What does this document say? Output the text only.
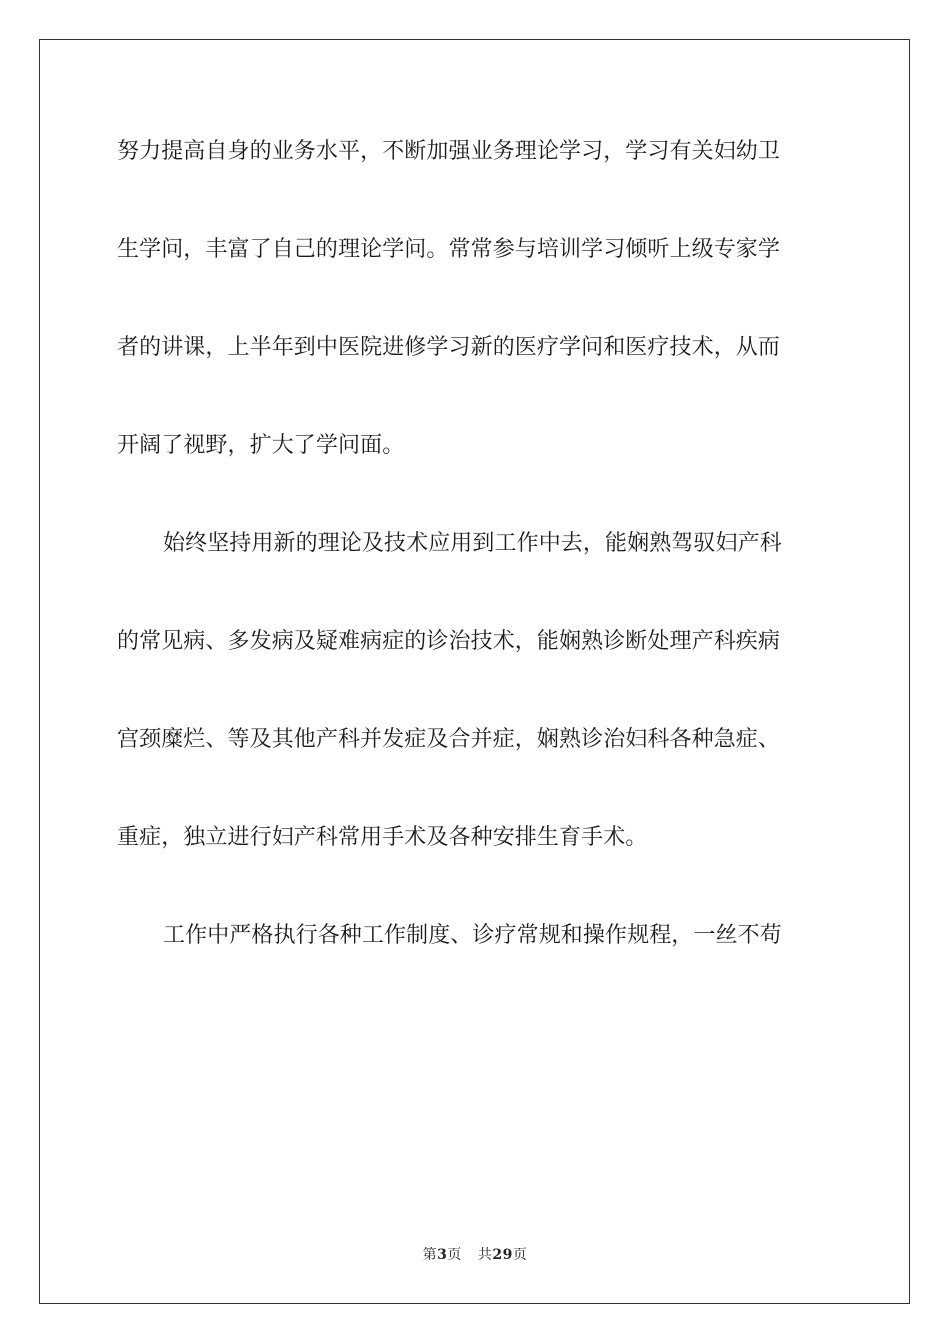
努力提高自身的业务水平，不断加强业务理论学习，学习有关妇幼卫
生学问，丰富了自己的理论学问。常常参与培训学习倾听上级专家学
者的讲课，上半年到中医院进修学习新的医疗学问和医疗技术，从而
开阔了视野，扩大了学问面。
始终坚持用新的理论及技术应用到工作中去，能娴熟驾驭妇产科
的常见病、多发病及疑难病症的诊治技术，能娴熟诊断处理产科疾病
宫颈糜烂、等及其他产科并发症及合并症，娴熟诊治妇科各种急症、
重症，独立进行妇产科常用手术及各种安排生育手术。
工作中严格执行各种工作制度、诊疗常规和操作规程，一丝不苟
第3页 共29页
